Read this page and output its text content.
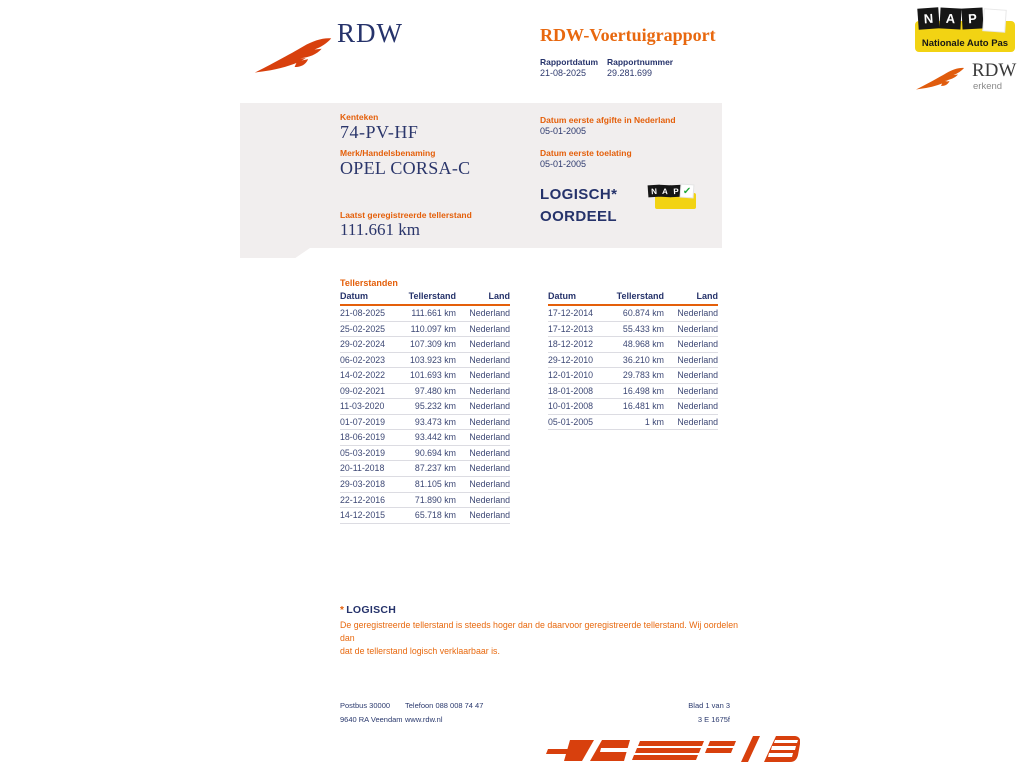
RDW	RDW-Voertuigrapport
Rapportdatum
21-08-2025
Rapportnummer
29.281.699
N A P
Nationale Auto Pas
RDW
erkend
Kenteken
74-PV-HF
Merk/Handelsbenaming
OPEL CORSA-C
Laatst geregistreerde tellerstand
111.661 km
Datum eerste afgifte in Nederland
05-01-2005
Datum eerste toelating
05-01-2005
LOGISCH*
OORDEEL
N A P ✓
Tellerstanden
Datum	Tellerstand	Land
21-08-2025	111.661 km	Nederland
25-02-2025	110.097 km	Nederland
29-02-2024	107.309 km	Nederland
06-02-2023	103.923 km	Nederland
14-02-2022	101.693 km	Nederland
09-02-2021	97.480 km	Nederland
11-03-2020	95.232 km	Nederland
01-07-2019	93.473 km	Nederland
18-06-2019	93.442 km	Nederland
05-03-2019	90.694 km	Nederland
20-11-2018	87.237 km	Nederland
29-03-2018	81.105 km	Nederland
22-12-2016	71.890 km	Nederland
14-12-2015	65.718 km	Nederland
Datum	Tellerstand	Land
17-12-2014	60.874 km	Nederland
17-12-2013	55.433 km	Nederland
18-12-2012	48.968 km	Nederland
29-12-2010	36.210 km	Nederland
12-01-2010	29.783 km	Nederland
18-01-2008	16.498 km	Nederland
10-01-2008	16.481 km	Nederland
05-01-2005	1 km	Nederland
* LOGISCH
De geregistreerde tellerstand is steeds hoger dan de daarvoor geregistreerde tellerstand. Wij oordelen dan
dat de tellerstand logisch verklaarbaar is.
Postbus 30000
9640 RA Veendam
Telefoon 088 008 74 47
www.rdw.nl
Blad 1 van 3
3 E 1675f
